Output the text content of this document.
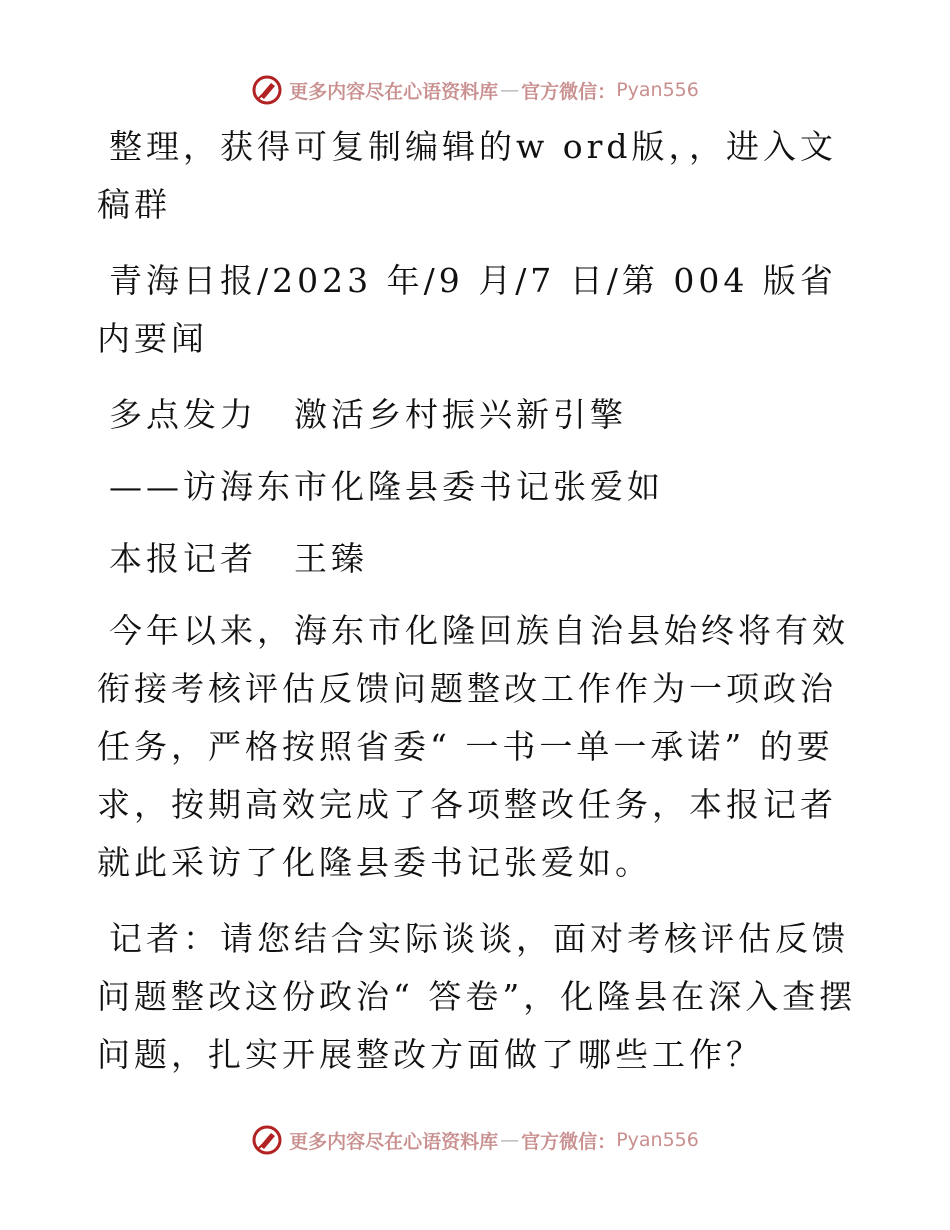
更多内容尽在心语资料库 — 官方微信： Pyan556

整理，获得可复制编辑的w ord版，，进入文稿群

青海日报/2023 年/9 月/7 日/第 004 版省内要闻

多点发力　激活乡村振兴新引擎

——访海东市化隆县委书记张爱如

本报记者　王臻

今年以来，海东市化隆回族自治县始终将有效衔接考核评估反馈问题整改工作作为一项政治任务，严格按照省委“ 一书一单一承诺” 的要求，按期高效完成了各项整改任务，本报记者就此采访了化隆县委书记张爱如。

记者：请您结合实际谈谈，面对考核评估反馈问题整改这份政治“ 答卷”，化隆县在深入查摆问题，扎实开展整改方面做了哪些工作？

更多内容尽在心语资料库 — 官方微信： Pyan556
